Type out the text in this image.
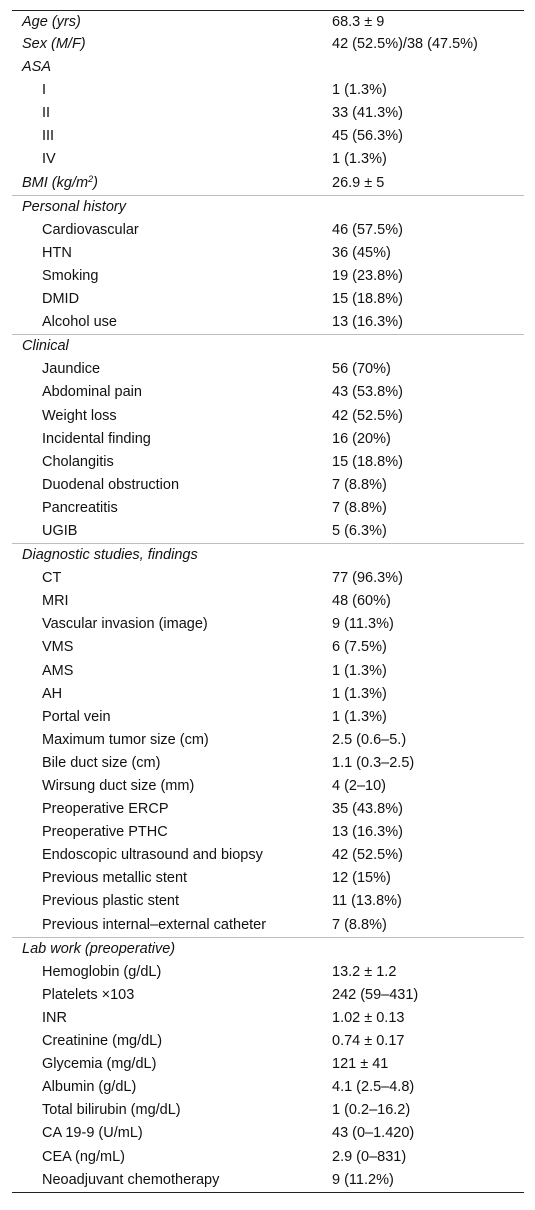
Age (yrs)	68.3 ± 9
Sex (M/F)	42 (52.5%)/38 (47.5%)
ASA
I	1 (1.3%)
II	33 (41.3%)
III	45 (56.3%)
IV	1 (1.3%)
BMI $(kg/m^2)$	26.9 ± 5
Personal history
Cardiovascular	46 (57.5%)
HTN	36 (45%)
Smoking	19 (23.8%)
DMID	15 (18.8%)
Alcohol use	13 (16.3%)
Clinical
Jaundice	56 (70%)
Abdominal pain	43 (53.8%)
Weight loss	42 (52.5%)
Incidental finding	16 (20%)
Cholangitis	15 (18.8%)
Duodenal obstruction	7 (8.8%)
Pancreatitis	7 (8.8%)
UGIB	5 (6.3%)
Diagnostic studies, findings
CT	77 (96.3%)
MRI	48 (60%)
Vascular invasion (image)	9 (11.3%)
VMS	6 (7.5%)
AMS	1 (1.3%)
AH	1 (1.3%)
Portal vein	1 (1.3%)
Maximum tumor size (cm)	2.5 (0.6–5.)
Bile duct size (cm)	1.1 (0.3–2.5)
Wirsung duct size (mm)	4 (2–10)
Preoperative ERCP	35 (43.8%)
Preoperative PTHC	13 (16.3%)
Endoscopic ultrasound and biopsy	42 (52.5%)
Previous metallic stent	12 (15%)
Previous plastic stent	11 (13.8%)
Previous internal–external catheter	7 (8.8%)
Lab work (preoperative)
Hemoglobin (g/dL)	13.2 ± 1.2
Platelets ×103	242 (59–431)
INR	1.02 ± 0.13
Creatinine (mg/dL)	0.74 ± 0.17
Glycemia (mg/dL)	121 ± 41
Albumin (g/dL)	4.1 (2.5–4.8)
Total bilirubin (mg/dL)	1 (0.2–16.2)
CA 19-9 (U/mL)	43 (0–1.420)
CEA (ng/mL)	2.9 (0–831)
Neoadjuvant chemotherapy	9 (11.2%)
